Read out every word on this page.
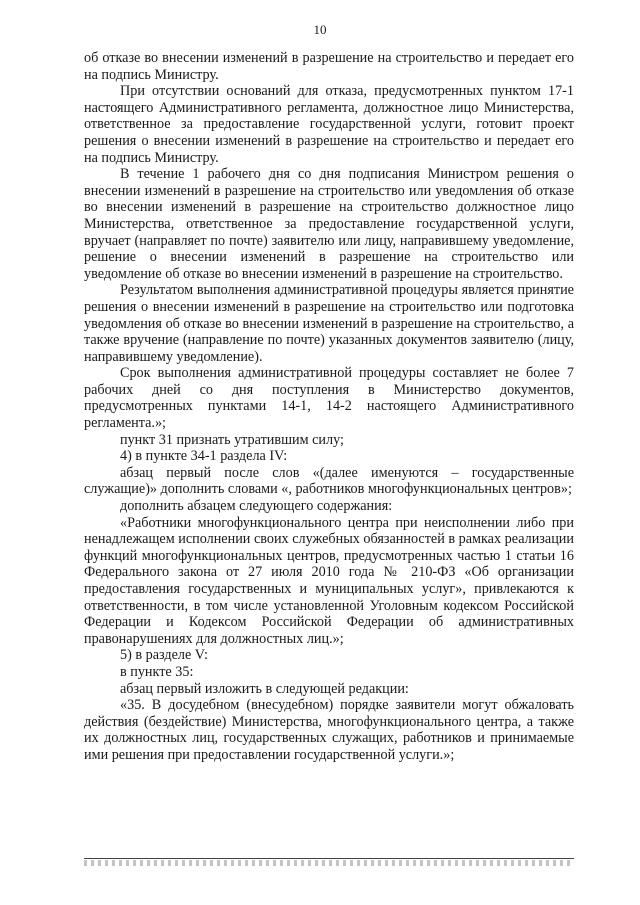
10

об отказе во внесении изменений в разрешение на строительство и передает его на подпись Министру.

При отсутствии оснований для отказа, предусмотренных пунктом 17-1 настоящего Административного регламента, должностное лицо Министерства, ответственное за предоставление государственной услуги, готовит проект решения о внесении изменений в разрешение на строительство и передает его на подпись Министру.

В течение 1 рабочего дня со дня подписания Министром решения о внесении изменений в разрешение на строительство или уведомления об отказе во внесении изменений в разрешение на строительство должностное лицо Министерства, ответственное за предоставление государственной услуги, вручает (направляет по почте) заявителю или лицу, направившему уведомление, решение о внесении изменений в разрешение на строительство или уведомление об отказе во внесении изменений в разрешение на строительство.

Результатом выполнения административной процедуры является принятие решения о внесении изменений в разрешение на строительство или подготовка уведомления об отказе во внесении изменений в разрешение на строительство, а также вручение (направление по почте) указанных документов заявителю (лицу, направившему уведомление).

Срок выполнения административной процедуры составляет не более 7 рабочих дней со дня поступления в Министерство документов, предусмотренных пунктами 14-1, 14-2 настоящего Административного регламента.»;

пункт 31 признать утратившим силу;

4) в пункте 34-1 раздела IV:

абзац первый после слов «(далее именуются – государственные служащие)» дополнить словами «, работников многофункциональных центров»;

дополнить абзацем следующего содержания:

«Работники многофункционального центра при неисполнении либо при ненадлежащем исполнении своих служебных обязанностей в рамках реализации функций многофункциональных центров, предусмотренных частью 1 статьи 16 Федерального закона от 27 июля 2010 года № 210-ФЗ «Об организации предоставления государственных и муниципальных услуг», привлекаются к ответственности, в том числе установленной Уголовным кодексом Российской Федерации и Кодексом Российской Федерации об административных правонарушениях для должностных лиц.»;

5) в разделе V:

в пункте 35:

абзац первый изложить в следующей редакции:

«35. В досудебном (внесудебном) порядке заявители могут обжаловать действия (бездействие) Министерства, многофункционального центра, а также их должностных лиц, государственных служащих, работников и принимаемые ими решения при предоставлении государственной услуги.»;
